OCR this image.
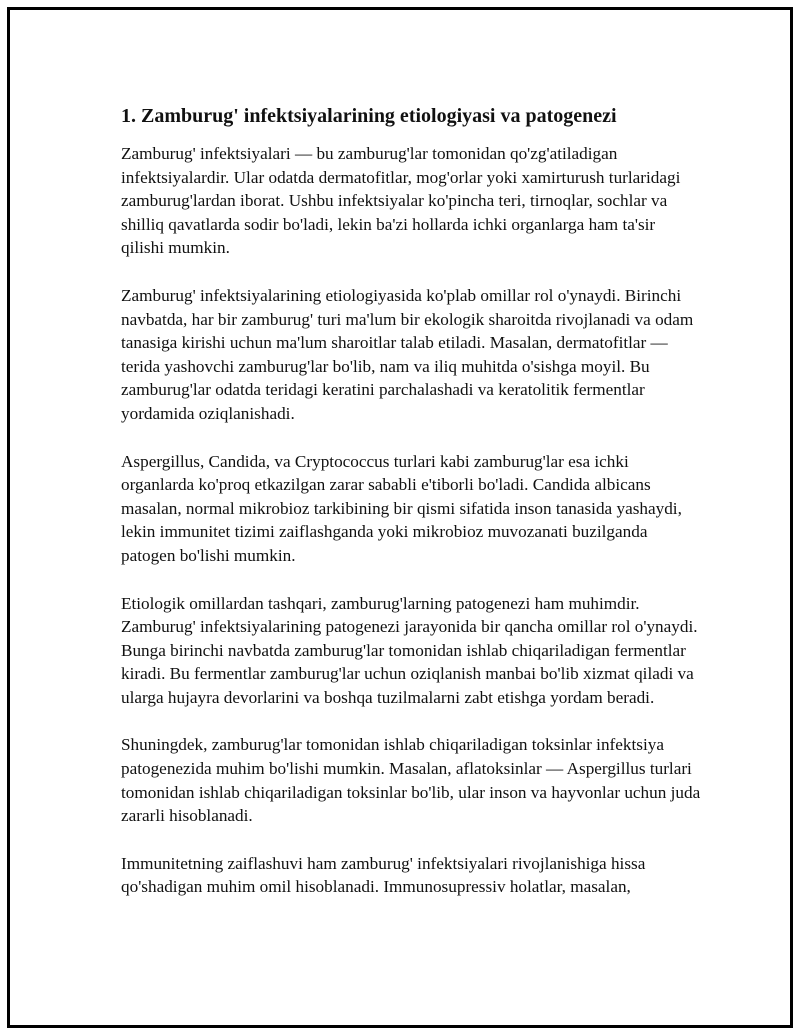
1. Zamburug' infektsiyalarining etiologiyasi va patogenezi

Zamburug' infektsiyalari — bu zamburug'lar tomonidan qo'zg'atiladigan infektsiyalardir. Ular odatda dermatofitlar, mog'orlar yoki xamirturush turlaridagi zamburug'lardan iborat. Ushbu infektsiyalar ko'pincha teri, tirnoqlar, sochlar va shilliq qavatlarda sodir bo'ladi, lekin ba'zi hollarda ichki organlarga ham ta'sir qilishi mumkin.

Zamburug' infektsiyalarining etiologiyasida ko'plab omillar rol o'ynaydi. Birinchi navbatda, har bir zamburug' turi ma'lum bir ekologik sharoitda rivojlanadi va odam tanasiga kirishi uchun ma'lum sharoitlar talab etiladi. Masalan, dermatofitlar — terida yashovchi zamburug'lar bo'lib, nam va iliq muhitda o'sishga moyil. Bu zamburug'lar odatda teridagi keratini parchalashadi va keratolitik fermentlar yordamida oziqlanishadi.

Aspergillus, Candida, va Cryptococcus turlari kabi zamburug'lar esa ichki organlarda ko'proq etkazilgan zarar sababli e'tiborli bo'ladi. Candida albicans masalan, normal mikrobioz tarkibining bir qismi sifatida inson tanasida yashaydi, lekin immunitet tizimi zaiflashganda yoki mikrobioz muvozanati buzilganda patogen bo'lishi mumkin.

Etiologik omillardan tashqari, zamburug'larning patogenezi ham muhimdir. Zamburug' infektsiyalarining patogenezi jarayonida bir qancha omillar rol o'ynaydi. Bunga birinchi navbatda zamburug'lar tomonidan ishlab chiqariladigan fermentlar kiradi. Bu fermentlar zamburug'lar uchun oziqlanish manbai bo'lib xizmat qiladi va ularga hujayra devorlarini va boshqa tuzilmalarni zabt etishga yordam beradi.

Shuningdek, zamburug'lar tomonidan ishlab chiqariladigan toksinlar infektsiya patogenezida muhim bo'lishi mumkin. Masalan, aflatoksinlar — Aspergillus turlari tomonidan ishlab chiqariladigan toksinlar bo'lib, ular inson va hayvonlar uchun juda zararli hisoblanadi.

Immunitetning zaiflashuvi ham zamburug' infektsiyalari rivojlanishiga hissa qo'shadigan muhim omil hisoblanadi. Immunosupressiv holatlar, masalan,
